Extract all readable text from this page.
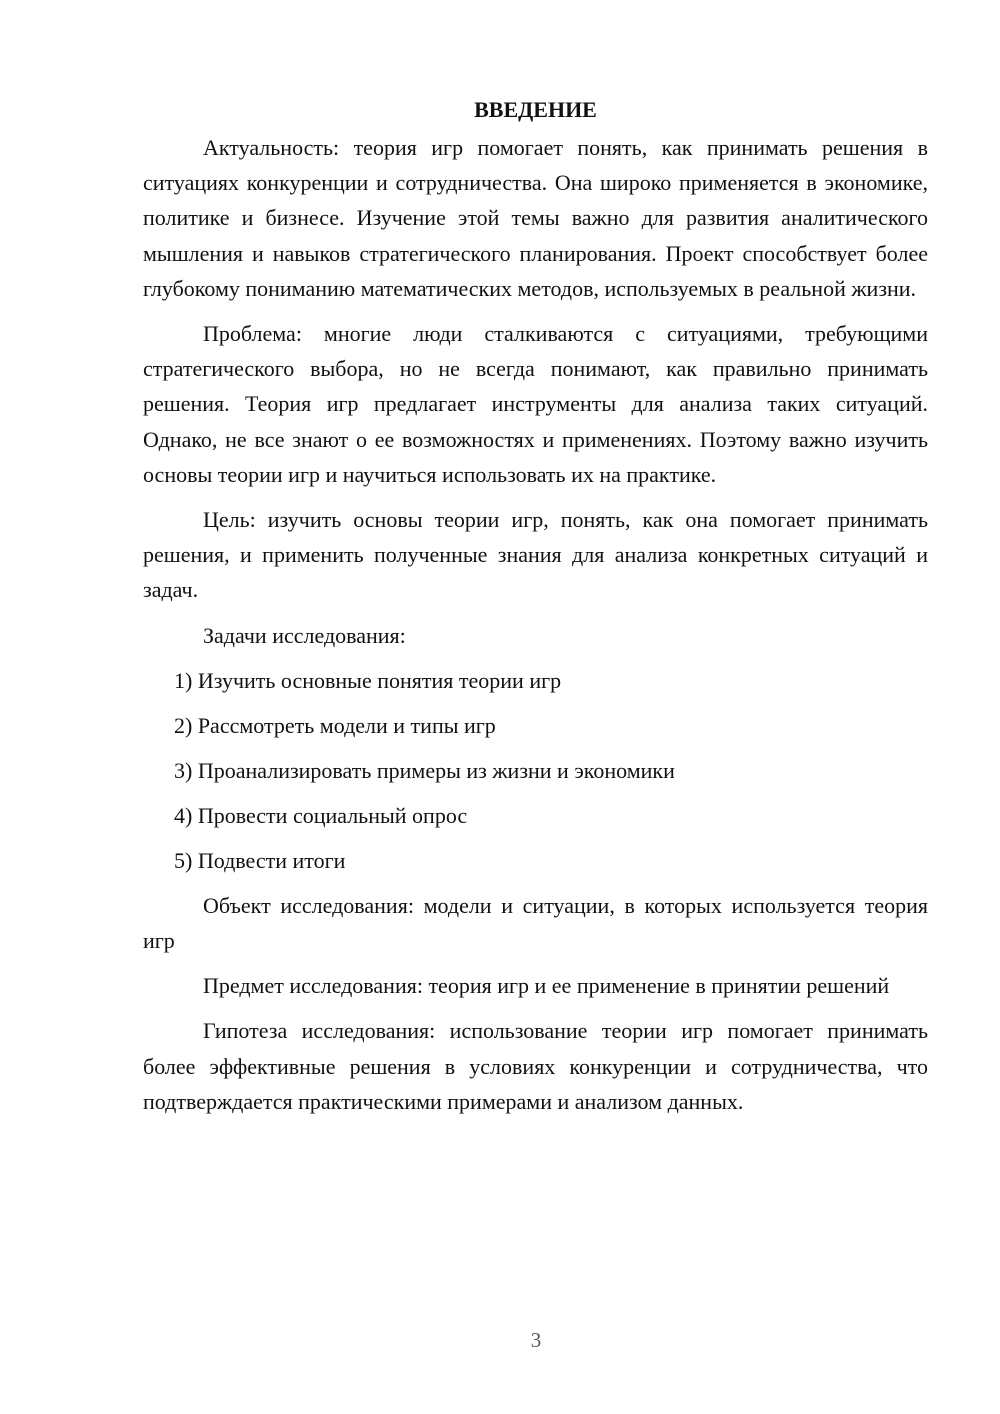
ВВЕДЕНИЕ

Актуальность: теория игр помогает понять, как принимать решения в ситуациях конкуренции и сотрудничества. Она широко применяется в экономике, политике и бизнесе. Изучение этой темы важно для развития аналитического мышления и навыков стратегического планирования. Проект способствует более глубокому пониманию математических методов, используемых в реальной жизни.

Проблема: многие люди сталкиваются с ситуациями, требующими стратегического выбора, но не всегда понимают, как правильно принимать решения. Теория игр предлагает инструменты для анализа таких ситуаций. Однако, не все знают о ее возможностях и применениях. Поэтому важно изучить основы теории игр и научиться использовать их на практике.

Цель: изучить основы теории игр, понять, как она помогает принимать решения, и применить полученные знания для анализа конкретных ситуаций и задач.

Задачи исследования:

1) Изучить основные понятия теории игр

2) Рассмотреть модели и типы игр

3) Проанализировать примеры из жизни и экономики

4) Провести социальный опрос

5) Подвести итоги

Объект исследования: модели и ситуации, в которых используется теория игр

Предмет исследования: теория игр и ее применение в принятии решений

Гипотеза исследования: использование теории игр помогает принимать более эффективные решения в условиях конкуренции и сотрудничества, что подтверждается практическими примерами и анализом данных.

3
